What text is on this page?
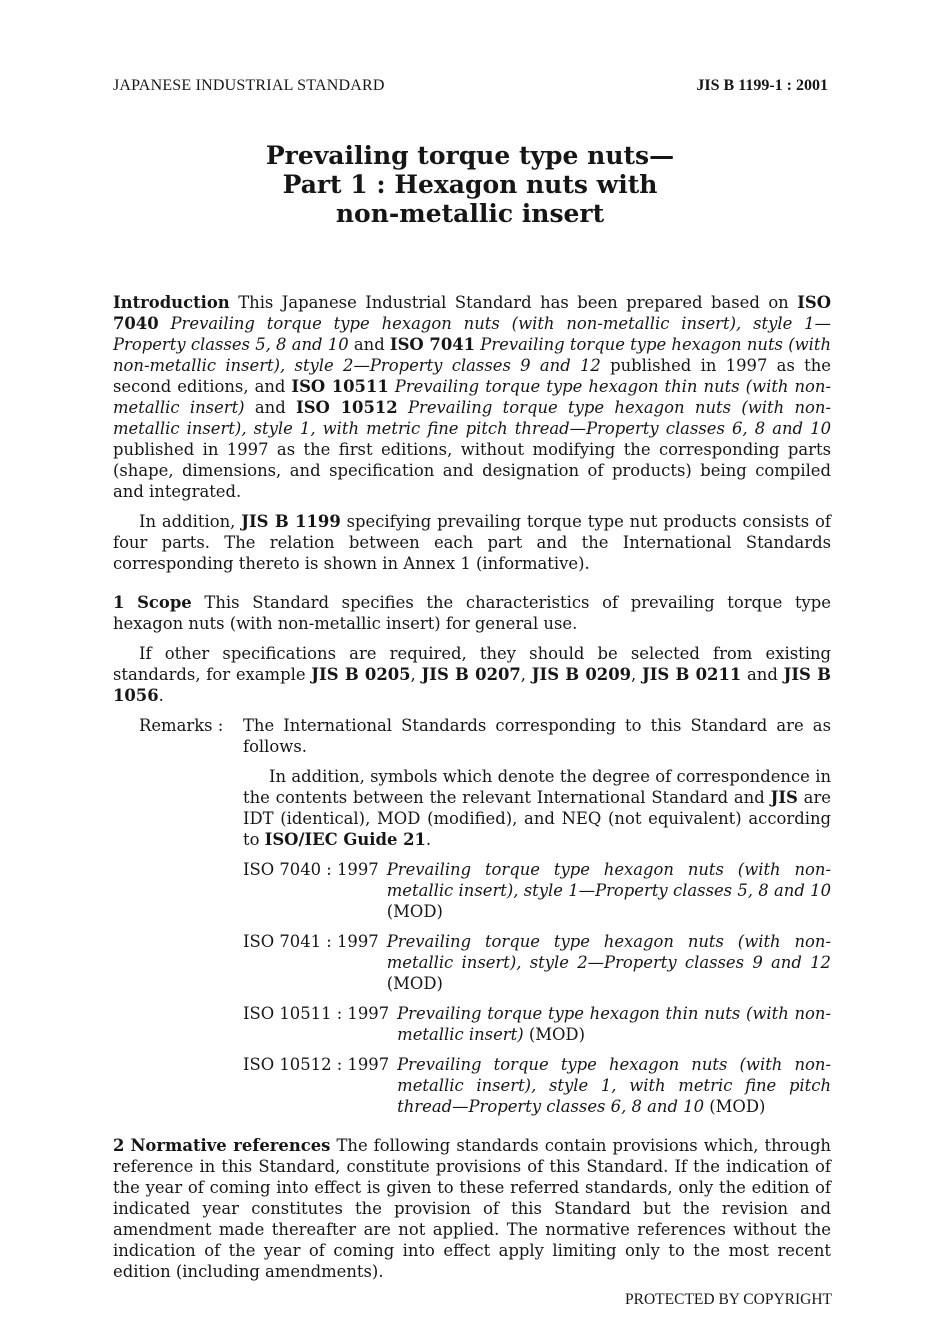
JAPANESE INDUSTRIAL STANDARD	JIS B 1199-1 : 2001
Prevailing torque type nuts—
Part 1 : Hexagon nuts with
non-metallic insert

Introduction This Japanese Industrial Standard has been prepared based on ISO 7040 Prevailing torque type hexagon nuts (with non-metallic insert), style 1—Property classes 5, 8 and 10 and ISO 7041 Prevailing torque type hexagon nuts (with non-metallic insert), style 2—Property classes 9 and 12 published in 1997 as the second editions, and ISO 10511 Prevailing torque type hexagon thin nuts (with non-metallic insert) and ISO 10512 Prevailing torque type hexagon nuts (with non-metallic insert), style 1, with metric fine pitch thread—Property classes 6, 8 and 10 published in 1997 as the first editions, without modifying the corresponding parts (shape, dimensions, and specification and designation of products) being compiled and integrated.

In addition, JIS B 1199 specifying prevailing torque type nut products consists of four parts. The relation between each part and the International Standards corresponding thereto is shown in Annex 1 (informative).

1 Scope This Standard specifies the characteristics of prevailing torque type hexagon nuts (with non-metallic insert) for general use.

If other specifications are required, they should be selected from existing standards, for example JIS B 0205, JIS B 0207, JIS B 0209, JIS B 0211 and JIS B 1056.

Remarks :	The International Standards corresponding to this Standard are as follows.

In addition, symbols which denote the degree of correspondence in the contents between the relevant International Standard and JIS are IDT (identical), MOD (modified), and NEQ (not equivalent) according to ISO/IEC Guide 21.

ISO 7040 : 1997 Prevailing torque type hexagon nuts (with non-metallic insert), style 1—Property classes 5, 8 and 10 (MOD)
ISO 7041 : 1997 Prevailing torque type hexagon nuts (with non-metallic insert), style 2—Property classes 9 and 12 (MOD)
ISO 10511 : 1997 Prevailing torque type hexagon thin nuts (with non-metallic insert) (MOD)
ISO 10512 : 1997 Prevailing torque type hexagon nuts (with non-metallic insert), style 1, with metric fine pitch thread—Property classes 6, 8 and 10 (MOD)

2 Normative references The following standards contain provisions which, through reference in this Standard, constitute provisions of this Standard. If the indication of the year of coming into effect is given to these referred standards, only the edition of indicated year constitutes the provision of this Standard but the revision and amendment made thereafter are not applied. The normative references without the indication of the year of coming into effect apply limiting only to the most recent edition (including amendments).

PROTECTED BY COPYRIGHT
